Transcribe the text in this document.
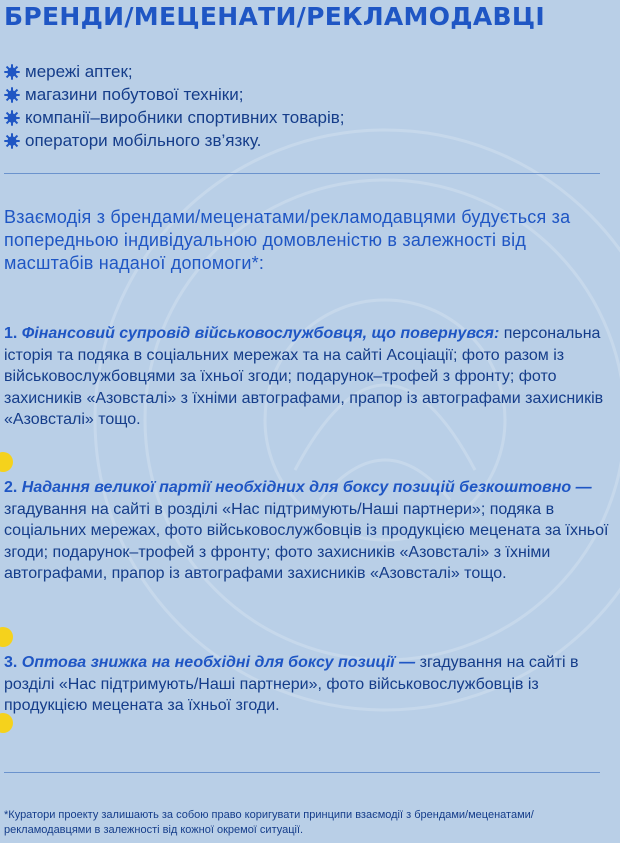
БРЕНДИ/МЕЦЕНАТИ/РЕКЛАМОДАВЦІ
мережі аптек;
магазини побутової техніки;
компанії–виробники спортивних товарів;
оператори мобільного зв’язку.

Взаємодія з брендами/меценатами/рекламодавцями будується за попередньою індивідуальною домовленістю в залежності від масштабів наданої допомоги*:

1. Фінансовий супровід військовослужбовця, що повернувся: персональна історія та подяка в соціальних мережах та на сайті Асоціації; фото разом із військовослужбовцями за їхньої згоди; подарунок–трофей з фронту; фото захисників «Азовсталі» з їхніми автографами, прапор із автографами захисників «Азовсталі» тощо.
2. Надання великої партії необхідних для боксу позицій безкоштовно — згадування на сайті в розділі «Нас підтримують/Наші партнери»; подяка в соціальних мережах, фото військовослужбовців із продукцією мецената за їхньої згоди; подарунок–трофей з фронту; фото захисників «Азовсталі» з їхніми автографами, прапор із автографами захисників «Азовсталі» тощо.
3. Оптова знижка на необхідні для боксу позиції — згадування на сайті в розділі «Нас підтримують/Наші партнери», фото військовослужбовців із продукцією мецената за їхньої згоди.

*Куратори проекту залишають за собою право коригувати принципи взаємодії з брендами/меценатами/рекламодавцями в залежності від кожної окремої ситуації.
